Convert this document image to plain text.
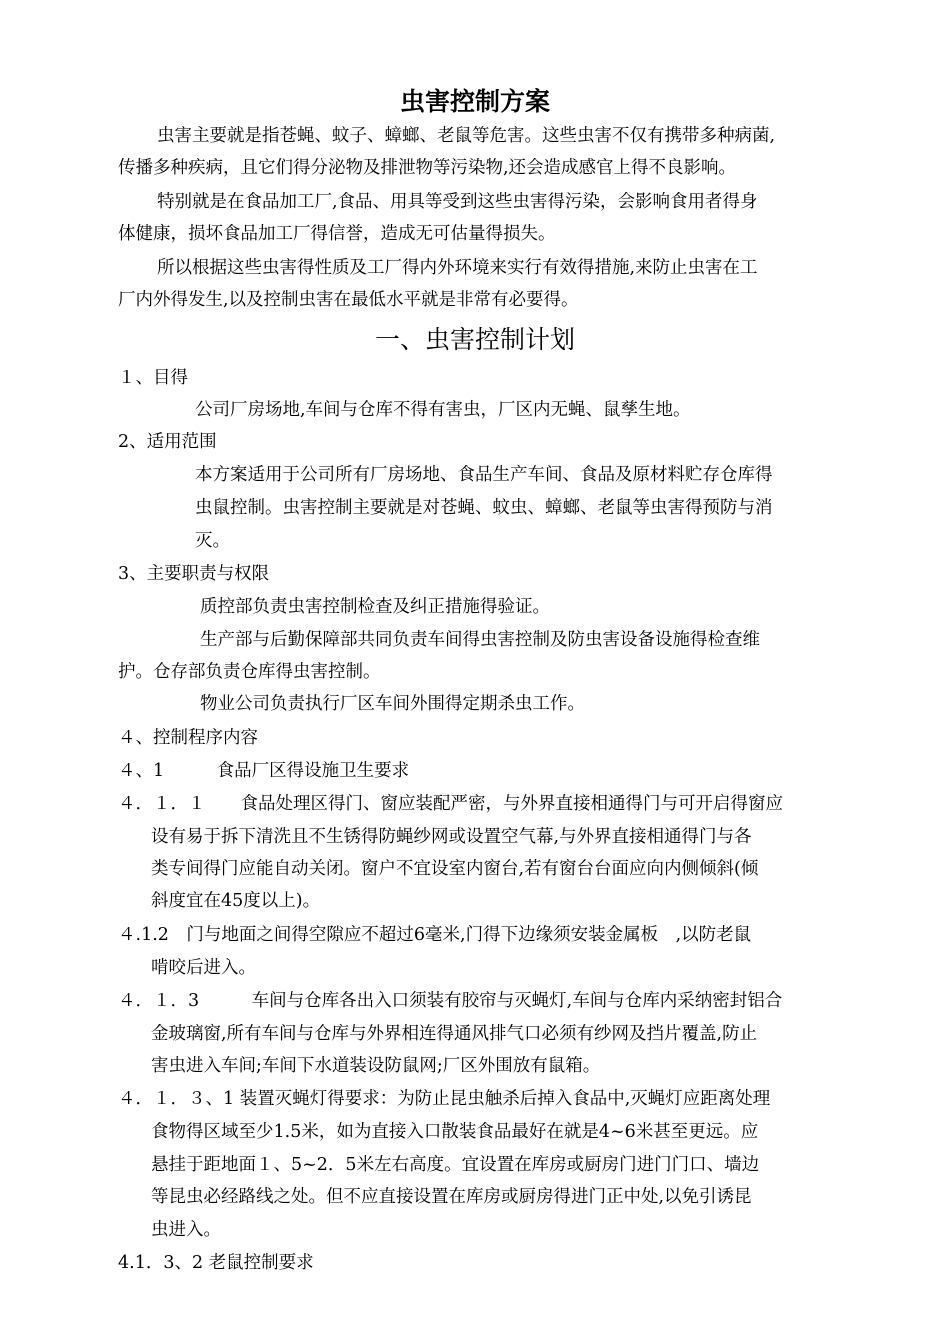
虫害控制方案
虫害主要就是指苍蝇、蚊子、蟑螂、老鼠等危害。这些虫害不仅有携带多种病菌,
传播多种疾病，且它们得分泌物及排泄物等污染物,还会造成感官上得不良影响。
特别就是在食品加工厂,食品、用具等受到这些虫害得污染，会影响食用者得身
体健康，损坏食品加工厂得信誉，造成无可估量得损失。
所以根据这些虫害得性质及工厂得内外环境来实行有效得措施,来防止虫害在工
厂内外得发生,以及控制虫害在最低水平就是非常有必要得。
一、虫害控制计划
１、目得
公司厂房场地,车间与仓库不得有害虫，厂区内无蝇、鼠孳生地。
2、适用范围
本方案适用于公司所有厂房场地、食品生产车间、食品及原材料贮存仓库得
虫鼠控制。虫害控制主要就是对苍蝇、蚊虫、蟑螂、老鼠等虫害得预防与消
灭。
3、主要职责与权限
质控部负责虫害控制检查及纠正措施得验证。
生产部与后勤保障部共同负责车间得虫害控制及防虫害设备设施得检查维
护。仓存部负责仓库得虫害控制。
物业公司负责执行厂区车间外围得定期杀虫工作。
４、控制程序内容
４、1　　　食品厂区得设施卫生要求
４．１．１　　食品处理区得门、窗应装配严密，与外界直接相通得门与可开启得窗应
设有易于拆下清洗且不生锈得防蝇纱网或设置空气幕,与外界直接相通得门与各
类专间得门应能自动关闭。窗户不宜设室内窗台,若有窗台台面应向内侧倾斜(倾
斜度宜在45度以上)。
４.1.2　门与地面之间得空隙应不超过6毫米,门得下边缘须安装金属板　,以防老鼠
啃咬后进入。
４．１．3　　　车间与仓库各出入口须装有胶帘与灭蝇灯,车间与仓库内采纳密封铝合
金玻璃窗,所有车间与仓库与外界相连得通风排气口必须有纱网及挡片覆盖,防止
害虫进入车间;车间下水道装设防鼠网;厂区外围放有鼠箱。
４．１．３、1 装置灭蝇灯得要求：为防止昆虫触杀后掉入食品中,灭蝇灯应距离处理
食物得区域至少1.5米，如为直接入口散装食品最好在就是4~6米甚至更远。应
悬挂于距地面１、5~2．5米左右高度。宜设置在库房或厨房门进门门口、墙边
等昆虫必经路线之处。但不应直接设置在库房或厨房得进门正中处,以免引诱昆
虫进入。
4.1．3、2 老鼠控制要求
